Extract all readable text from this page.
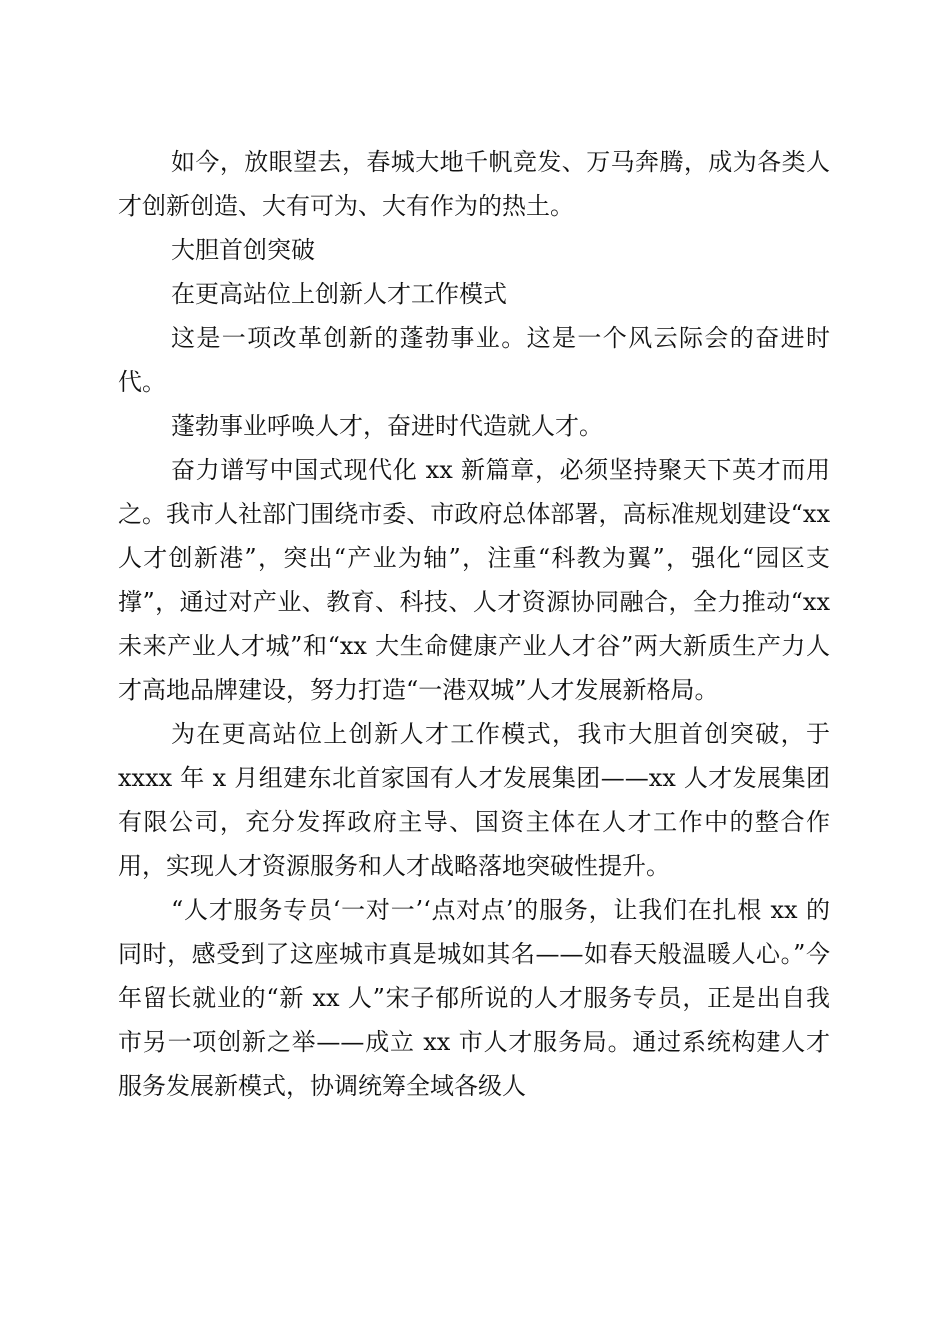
如今，放眼望去，春城大地千帆竞发、万马奔腾，成为各类人才创新创造、大有可为、大有作为的热土。

大胆首创突破

在更高站位上创新人才工作模式

这是一项改革创新的蓬勃事业。这是一个风云际会的奋进时代。

蓬勃事业呼唤人才，奋进时代造就人才。

奋力谱写中国式现代化 xx 新篇章，必须坚持聚天下英才而用之。我市人社部门围绕市委、市政府总体部署，高标准规划建设“xx 人才创新港”，突出“产业为轴”，注重“科教为翼”，强化“园区支撑”，通过对产业、教育、科技、人才资源协同融合，全力推动“xx 未来产业人才城”和“xx 大生命健康产业人才谷”两大新质生产力人才高地品牌建设，努力打造“一港双城”人才发展新格局。

为在更高站位上创新人才工作模式，我市大胆首创突破，于 xxxx 年 x 月组建东北首家国有人才发展集团——xx 人才发展集团有限公司，充分发挥政府主导、国资主体在人才工作中的整合作用，实现人才资源服务和人才战略落地突破性提升。

“人才服务专员‘一对一’‘点对点’的服务，让我们在扎根 xx 的同时，感受到了这座城市真是城如其名——如春天般温暖人心。”今年留长就业的“新 xx 人”宋子郁所说的人才服务专员，正是出自我市另一项创新之举——成立 xx 市人才服务局。通过系统构建人才服务发展新模式，协调统筹全域各级人
